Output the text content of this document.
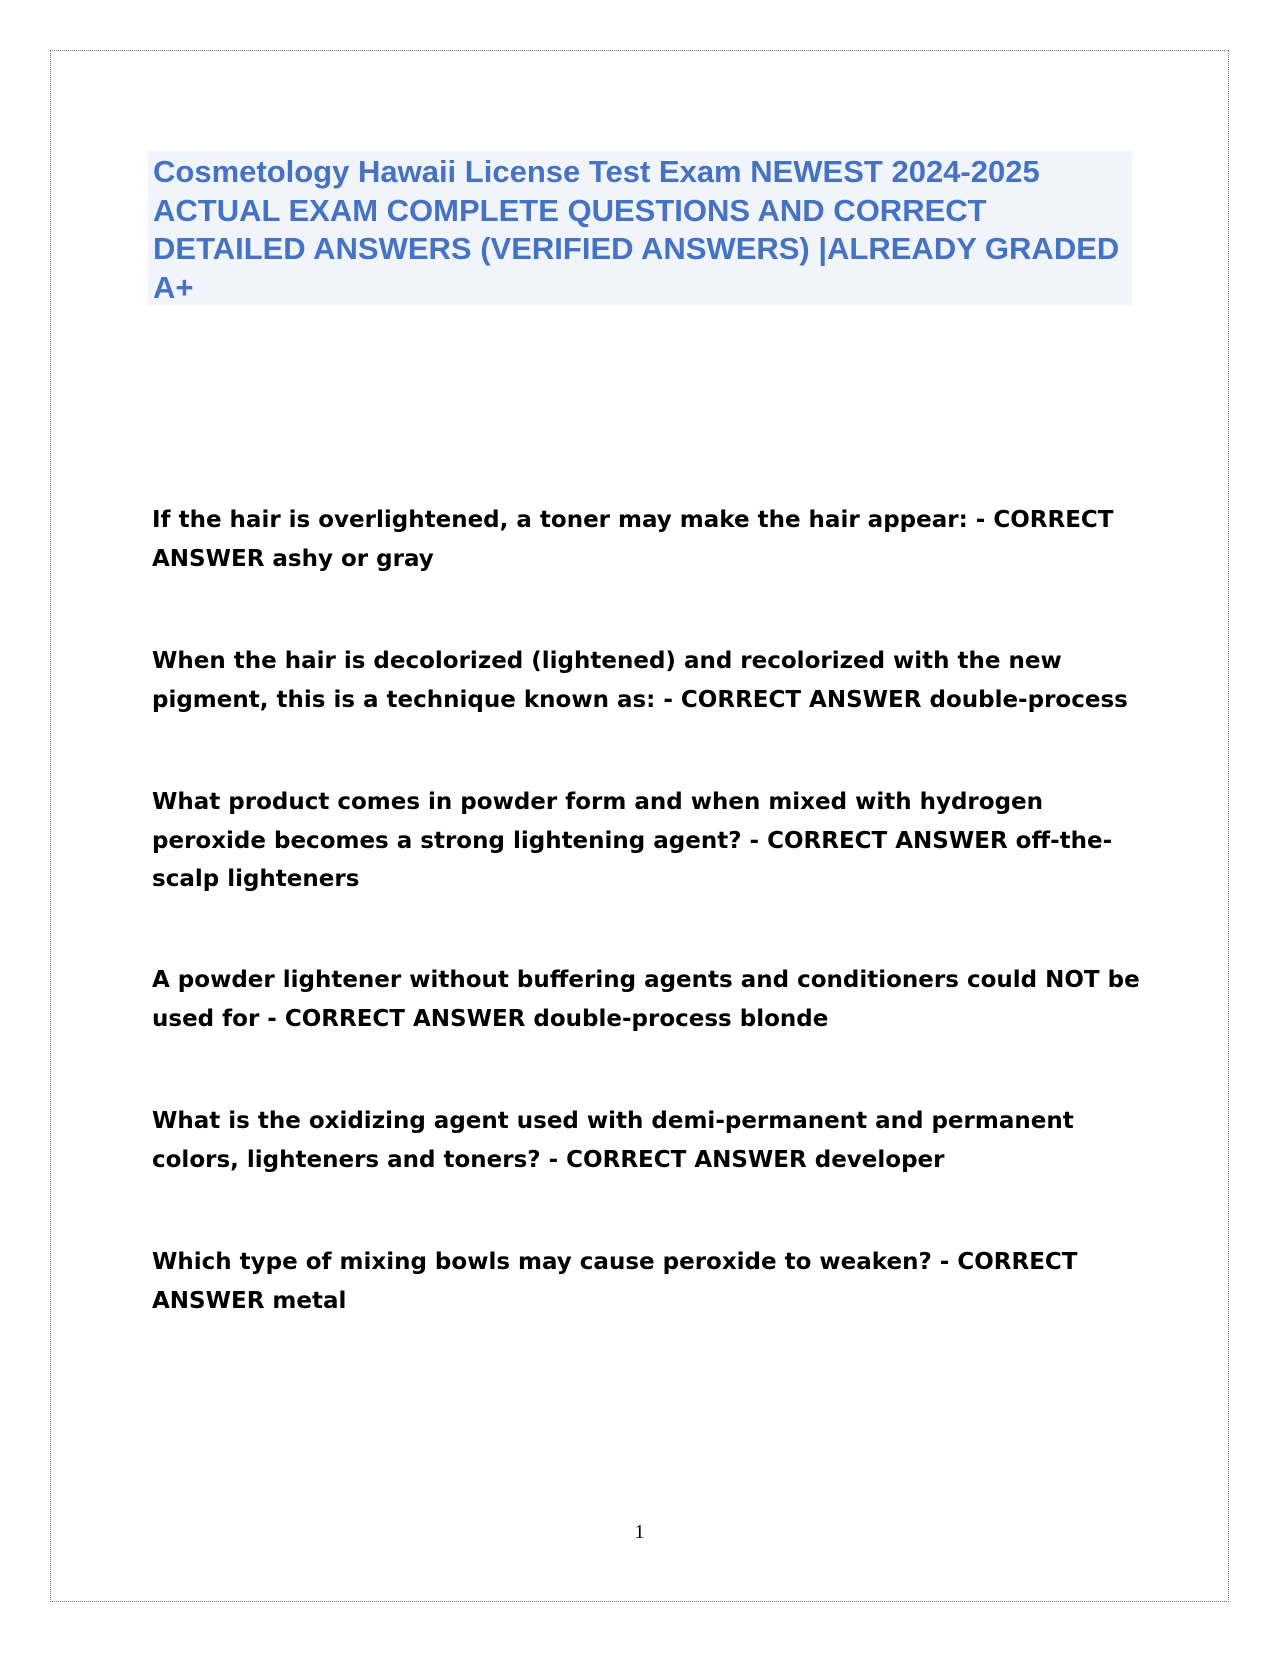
Cosmetology Hawaii License Test Exam NEWEST 2024-2025 ACTUAL EXAM COMPLETE QUESTIONS AND CORRECT DETAILED ANSWERS (VERIFIED ANSWERS) |ALREADY GRADED A+

If the hair is overlightened, a toner may make the hair appear: - CORRECT ANSWER ashy or gray

When the hair is decolorized (lightened) and recolorized with the new pigment, this is a technique known as: - CORRECT ANSWER double-process

What product comes in powder form and when mixed with hydrogen peroxide becomes a strong lightening agent? - CORRECT ANSWER off-the-scalp lighteners

A powder lightener without buffering agents and conditioners could NOT be used for - CORRECT ANSWER double-process blonde

What is the oxidizing agent used with demi-permanent and permanent colors, lighteners and toners? - CORRECT ANSWER developer

Which type of mixing bowls may cause peroxide to weaken? - CORRECT ANSWER metal

1
